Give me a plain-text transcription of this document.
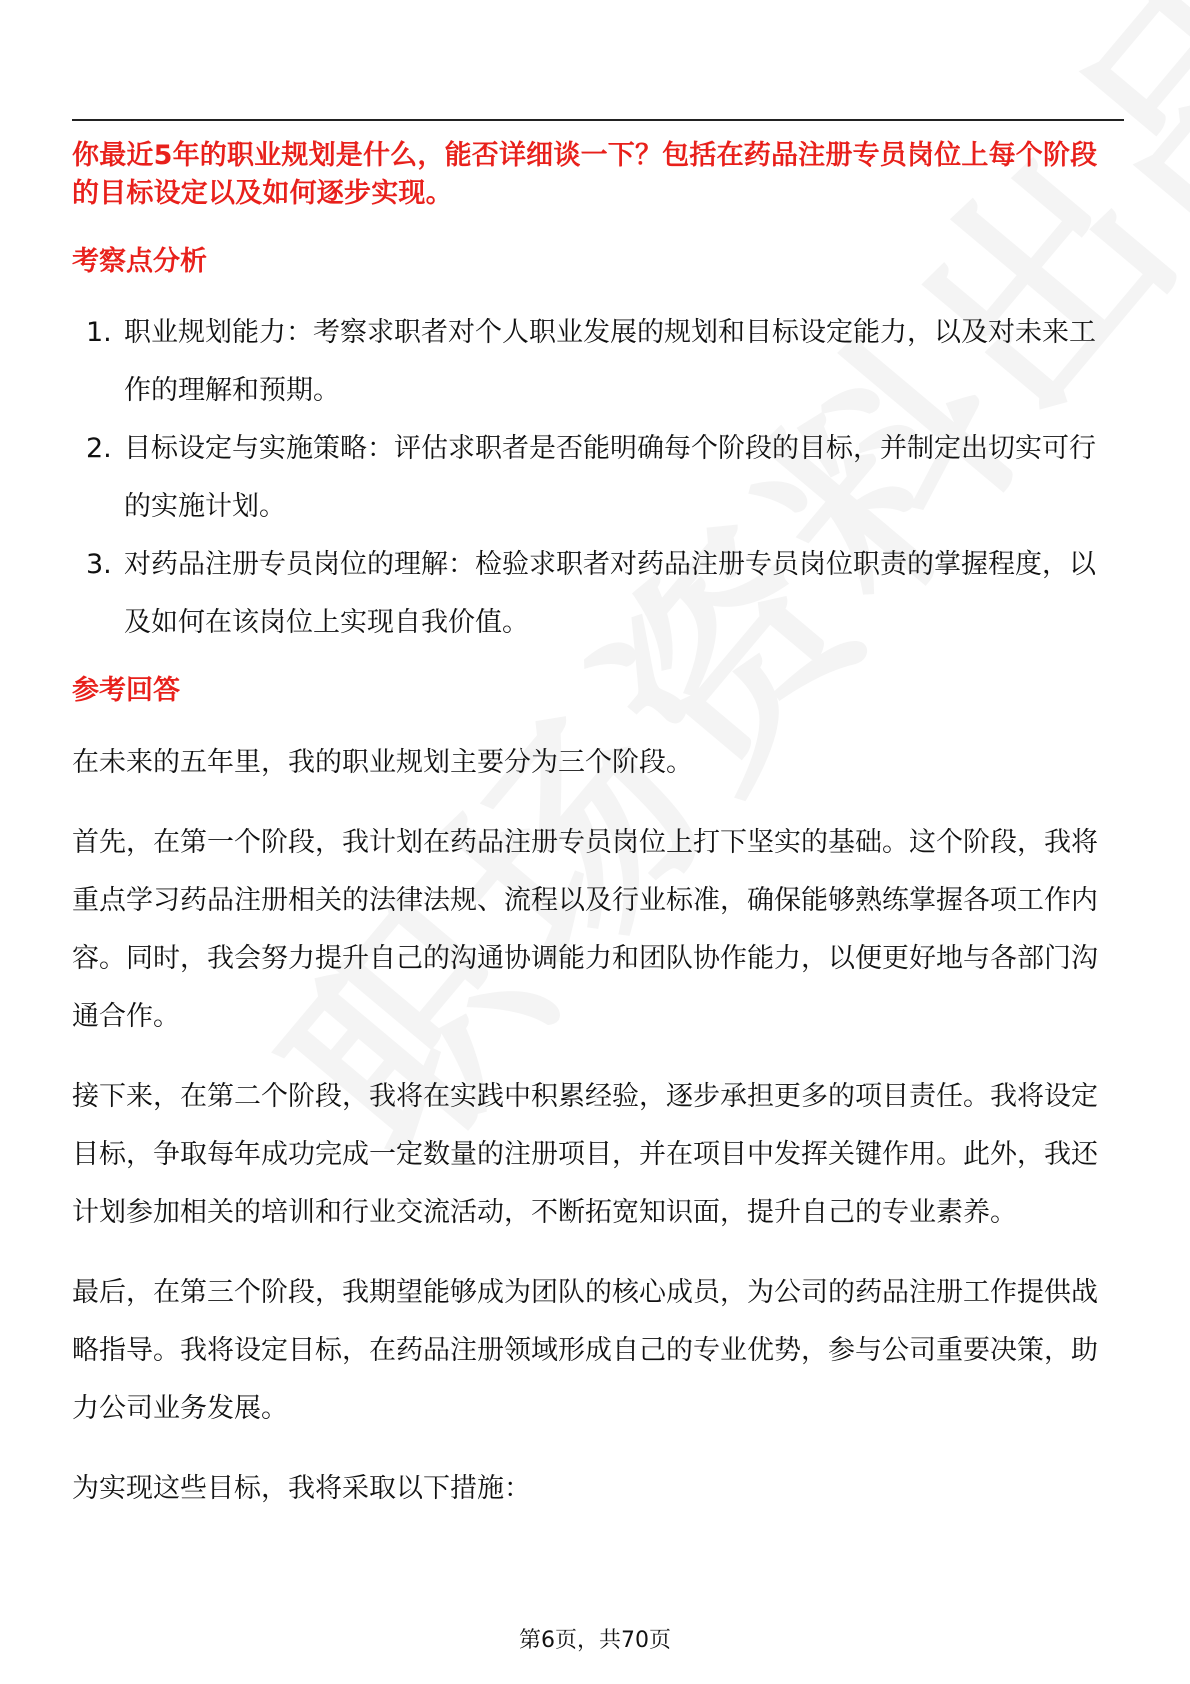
你最近5年的职业规划是什么，能否详细谈一下？包括在药品注册专员岗位上每个阶段的目标设定以及如何逐步实现。

考察点分析
1. 职业规划能力：考察求职者对个人职业发展的规划和目标设定能力，以及对未来工作的理解和预期。
2. 目标设定与实施策略：评估求职者是否能明确每个阶段的目标，并制定出切实可行的实施计划。
3. 对药品注册专员岗位的理解：检验求职者对药品注册专员岗位职责的掌握程度，以及如何在该岗位上实现自我价值。
参考回答

在未来的五年里，我的职业规划主要分为三个阶段。

首先，在第一个阶段，我计划在药品注册专员岗位上打下坚实的基础。这个阶段，我将重点学习药品注册相关的法律法规、流程以及行业标准，确保能够熟练掌握各项工作内容。同时，我会努力提升自己的沟通协调能力和团队协作能力，以便更好地与各部门沟通合作。

接下来，在第二个阶段，我将在实践中积累经验，逐步承担更多的项目责任。我将设定目标，争取每年成功完成一定数量的注册项目，并在项目中发挥关键作用。此外，我还计划参加相关的培训和行业交流活动，不断拓宽知识面，提升自己的专业素养。

最后，在第三个阶段，我期望能够成为团队的核心成员，为公司的药品注册工作提供战略指导。我将设定目标，在药品注册领域形成自己的专业优势，参与公司重要决策，助力公司业务发展。

为实现这些目标，我将采取以下措施：

第6页，共70页
